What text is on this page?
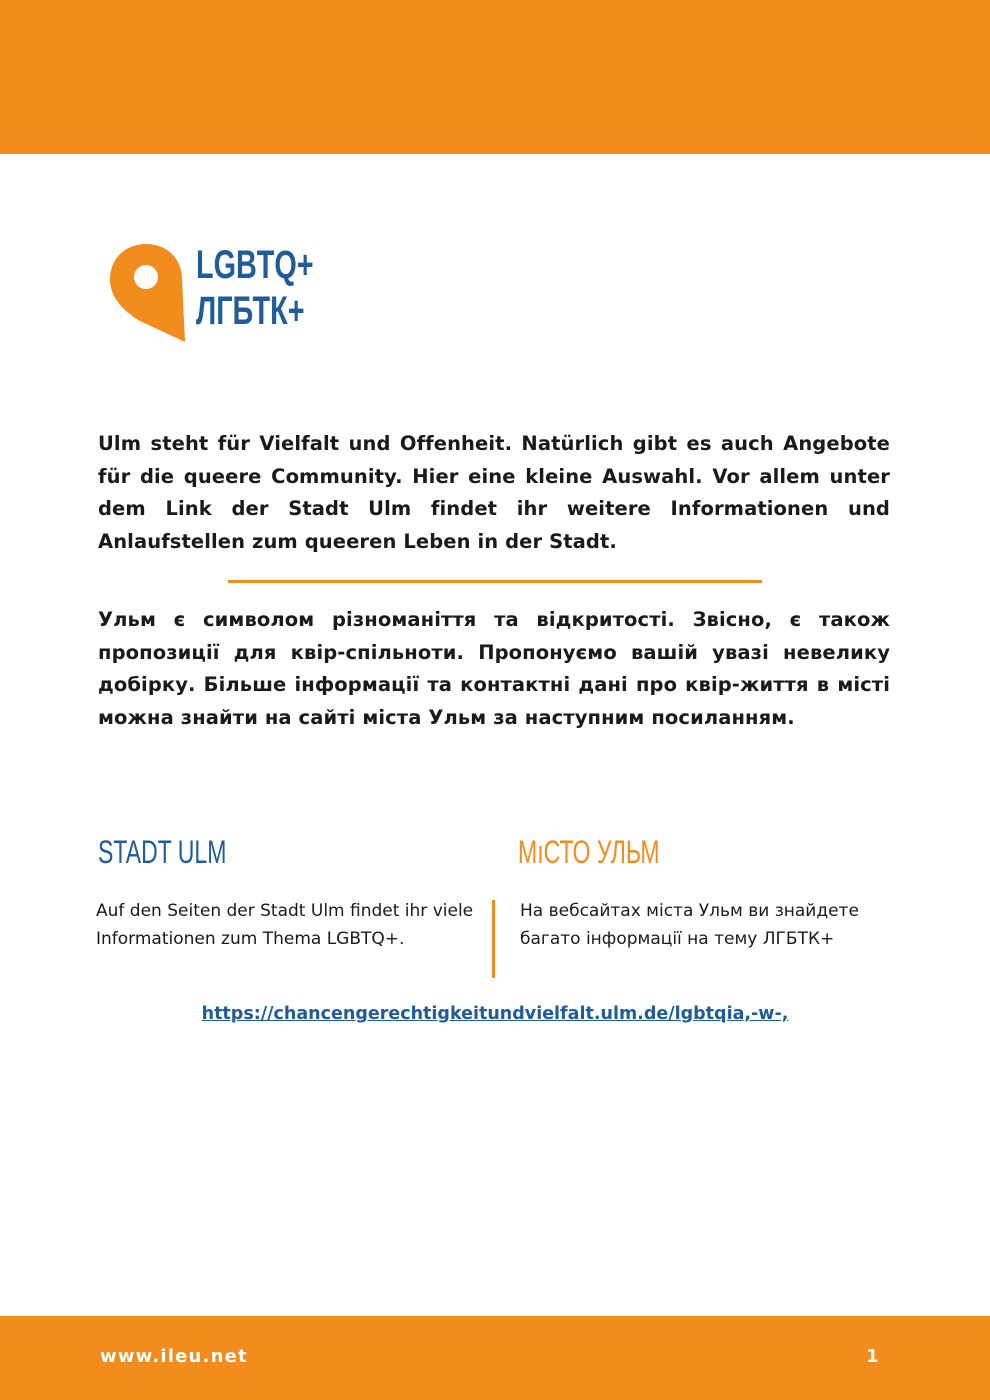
LGBTQ+
ЛГБТК+
Ulm steht für Vielfalt und Offenheit. Natürlich gibt es auch Angebote für die queere Community. Hier eine kleine Auswahl. Vor allem unter dem Link der Stadt Ulm findet ihr weitere Informationen und Anlaufstellen zum queeren Leben in der Stadt.
Ульм є символом різноманіття та відкритості. Звісно, є також пропозиції для квір-спільноти. Пропонуємо вашій увазі невелику добірку. Більше інформації та контактні дані про квір-життя в місті можна знайти на сайті міста Ульм за наступним посиланням.
STADT ULM	МıСТО УЛЬМ
Auf den Seiten der Stadt Ulm findet ihr viele Informationen zum Thema LGBTQ+.
На вебсайтах міста Ульм ви знайдете багато інформації на тему ЛГБТК+
https://chancengerechtigkeitundvielfalt.ulm.de/lgbtqia,-w-,
www.ileu.net	1
